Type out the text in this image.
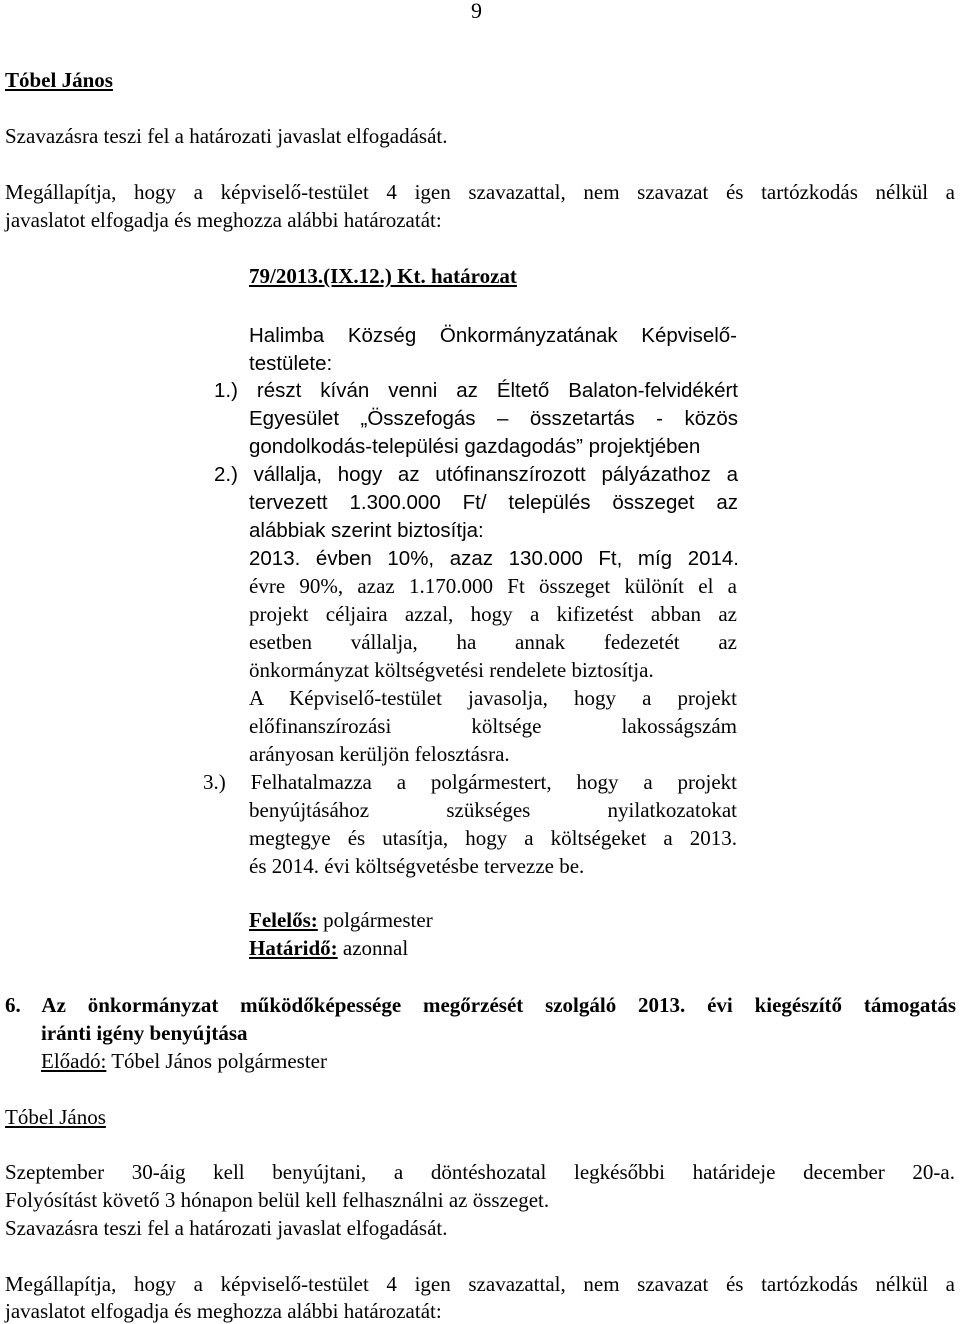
9
Tóbel János
Szavazásra teszi fel a határozati javaslat elfogadását.
Megállapítja, hogy a képviselő-testület 4 igen szavazattal, nem szavazat és tartózkodás nélkül a
javaslatot elfogadja és meghozza alábbi határozatát:
79/2013.(IX.12.) Kt. határozat
Halimba Község Önkormányzatának Képviselő-
testülete:
1.) részt kíván venni az Éltető Balaton-felvidékért
Egyesület „Összefogás – összetartás - közös
gondolkodás-települési gazdagodás” projektjében
2.) vállalja, hogy az utófinanszírozott pályázathoz a
tervezett 1.300.000 Ft/ település összeget az
alábbiak szerint biztosítja:
2013. évben 10%, azaz 130.000 Ft, míg 2014.
évre 90%, azaz 1.170.000 Ft összeget különít el a
projekt céljaira azzal, hogy a kifizetést abban az
esetben vállalja, ha annak fedezetét az
önkormányzat költségvetési rendelete biztosítja.
A Képviselő-testület javasolja, hogy a projekt
előfinanszírozási költsége lakosságszám
arányosan kerüljön felosztásra.
3.) Felhatalmazza a polgármestert, hogy a projekt
benyújtásához szükséges nyilatkozatokat
megtegye és utasítja, hogy a költségeket a 2013.
és 2014. évi költségvetésbe tervezze be.
Felelős: polgármester
Határidő: azonnal
6. Az önkormányzat működőképessége megőrzését szolgáló 2013. évi kiegészítő támogatás
iránti igény benyújtása
Előadó: Tóbel János polgármester
Tóbel János
Szeptember 30-áig kell benyújtani, a döntéshozatal legkésőbbi határideje december 20-a.
Folyósítást követő 3 hónapon belül kell felhasználni az összeget.
Szavazásra teszi fel a határozati javaslat elfogadását.
Megállapítja, hogy a képviselő-testület 4 igen szavazattal, nem szavazat és tartózkodás nélkül a
javaslatot elfogadja és meghozza alábbi határozatát:
